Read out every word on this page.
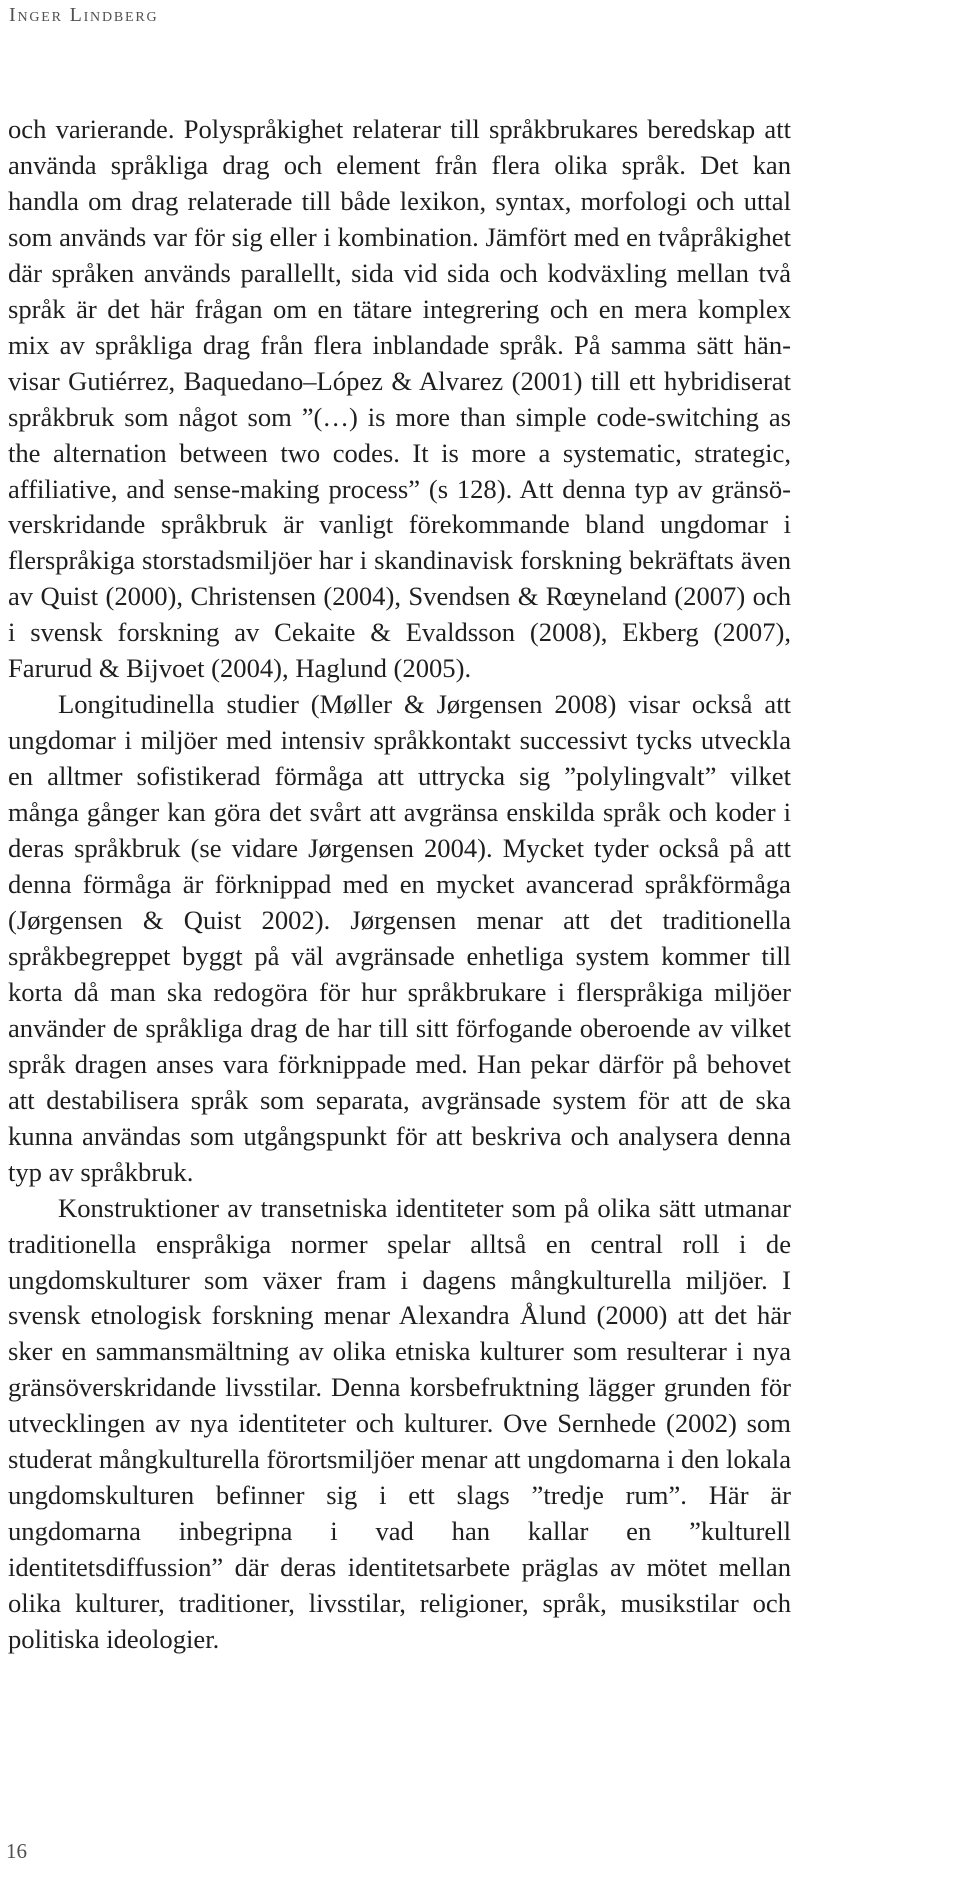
Inger Lindberg

och varierande. Polyspråkighet relaterar till språkbrukares beredskap att använda språkliga drag och element från flera olika språk. Det kan handla om drag relaterade till både lexikon, syntax, morfologi och uttal som används var för sig eller i kombination. Jämfört med en tvåpråkighet där språken används parallellt, sida vid sida och kodväxling mellan två språk är det här frågan om en tätare integrering och en mera komplex mix av språkliga drag från flera inblandade språk. På samma sätt hänvisar Gutiérrez, Baquedano–López & Alvarez (2001) till ett hybridiserat språkbruk som något som ”(…) is more than simple code-switching as the alternation between two codes. It is more a systematic, strategic, affiliative, and sense-making process” (s 128). Att denna typ av gränsöverskridande språkbruk är vanligt förekommande bland ungdomar i flerspråkiga storstadsmiljöer har i skandinavisk forskning bekräftats även av Quist (2000), Christensen (2004), Svendsen & Rœyneland (2007) och i svensk forskning av Cekaite & Evaldsson (2008), Ekberg (2007), Farurud & Bijvoet (2004), Haglund (2005).

Longitudinella studier (Møller & Jørgensen 2008) visar också att ungdomar i miljöer med intensiv språkkontakt successivt tycks utveckla en alltmer sofistikerad förmåga att uttrycka sig ”polylingvalt” vilket många gånger kan göra det svårt att avgränsa enskilda språk och koder i deras språkbruk (se vidare Jørgensen 2004). Mycket tyder också på att denna förmåga är förknippad med en mycket avancerad språkförmåga (Jørgensen & Quist 2002). Jørgensen menar att det traditionella språkbegreppet byggt på väl avgränsade enhetliga system kommer till korta då man ska redogöra för hur språkbrukare i flerspråkiga miljöer använder de språkliga drag de har till sitt förfogande oberoende av vilket språk dragen anses vara förknippade med. Han pekar därför på behovet att destabilisera språk som separata, avgränsade system för att de ska kunna användas som utgångspunkt för att beskriva och analysera denna typ av språkbruk.

Konstruktioner av transetniska identiteter som på olika sätt utmanar traditionella enspråkiga normer spelar alltså en central roll i de ungdomskulturer som växer fram i dagens mångkulturella miljöer. I svensk etnologisk forskning menar Alexandra Ålund (2000) att det här sker en sammansmältning av olika etniska kulturer som resulterar i nya gränsöverskridande livsstilar. Denna korsbefruktning lägger grunden för utvecklingen av nya identiteter och kulturer. Ove Sernhede (2002) som studerat mångkulturella förortsmiljöer menar att ungdomarna i den lokala ungdomskulturen befinner sig i ett slags ”tredje rum”. Här är ungdomarna inbegripna i vad han kallar en ”kulturell identitetsdiffussion” där deras identitetsarbete präglas av mötet mellan olika kulturer, traditioner, livsstilar, religioner, språk, musikstilar och politiska ideologier.

16
